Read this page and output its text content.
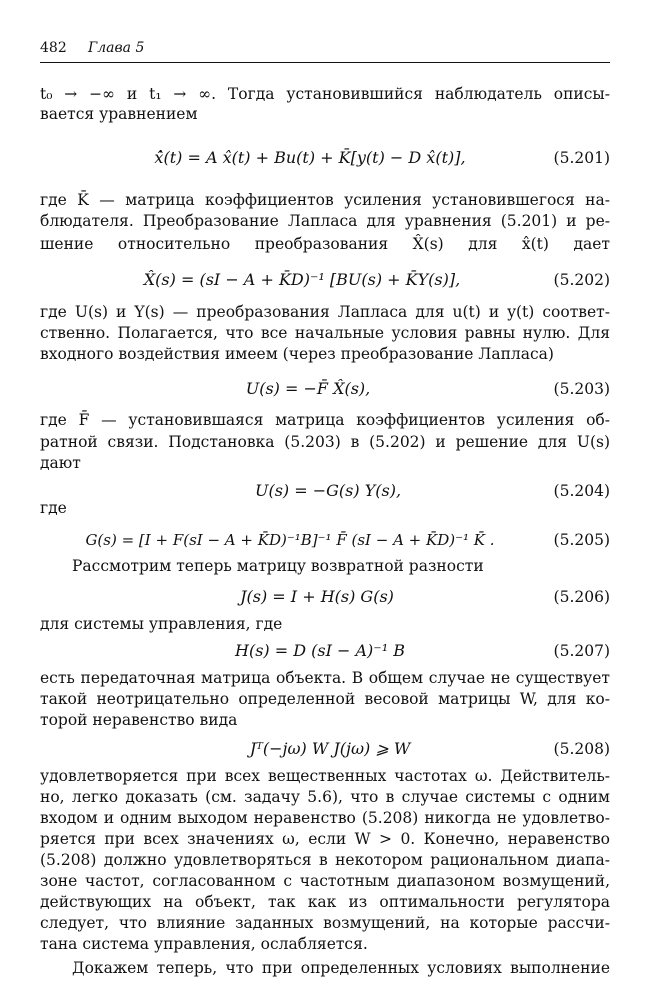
482 Глава 5
t₀ → −∞ и t₁ → ∞. Тогда установившийся наблюдатель описы-
вается уравнением
x̂̇(t) = A x̂(t) + Bu(t) + K̄[y(t) − D x̂(t)],	(5.201)
где K̄ — матрица коэффициентов усиления установившегося на-
блюдателя. Преобразование Лапласа для уравнения (5.201) и ре-
шение относительно преобразования X̂(s) для x̂(t) дает
X̂(s) = (sI − A + K̄D)⁻¹ [BU(s) + K̄Y(s)],	(5.202)
где U(s) и Y(s) — преобразования Лапласа для u(t) и y(t) соответ-
ственно. Полагается, что все начальные условия равны нулю. Для
входного воздействия имеем (через преобразование Лапласа)
U(s) = −F̄ X̂(s),	(5.203)
где F̄ — установившаяся матрица коэффициентов усиления об-
ратной связи. Подстановка (5.203) в (5.202) и решение для U(s)
дают
U(s) = −G(s) Y(s),	(5.204)
где
G(s) = [I + F(sI − A + K̄D)⁻¹B]⁻¹ F̄ (sI − A + K̄D)⁻¹ K̄ .	(5.205)
Рассмотрим теперь матрицу возвратной разности
J(s) = I + H(s) G(s)	(5.206)
для системы управления, где
H(s) = D (sI − A)⁻¹ B	(5.207)
есть передаточная матрица объекта. В общем случае не существует
такой неотрицательно определенной весовой матрицы W, для ко-
торой неравенство вида
Jᵀ(−jω) W J(jω) ⩾ W	(5.208)
удовлетворяется при всех вещественных частотах ω. Действитель-
но, легко доказать (см. задачу 5.6), что в случае системы с одним
входом и одним выходом неравенство (5.208) никогда не удовлетво-
ряется при всех значениях ω, если W > 0. Конечно, неравенство
(5.208) должно удовлетворяться в некотором рациональном диапа-
зоне частот, согласованном с частотным диапазоном возмущений,
действующих на объект, так как из оптимальности регулятора
следует, что влияние заданных возмущений, на которые рассчи-
тана система управления, ослабляется.
Докажем теперь, что при определенных условиях выполнение
